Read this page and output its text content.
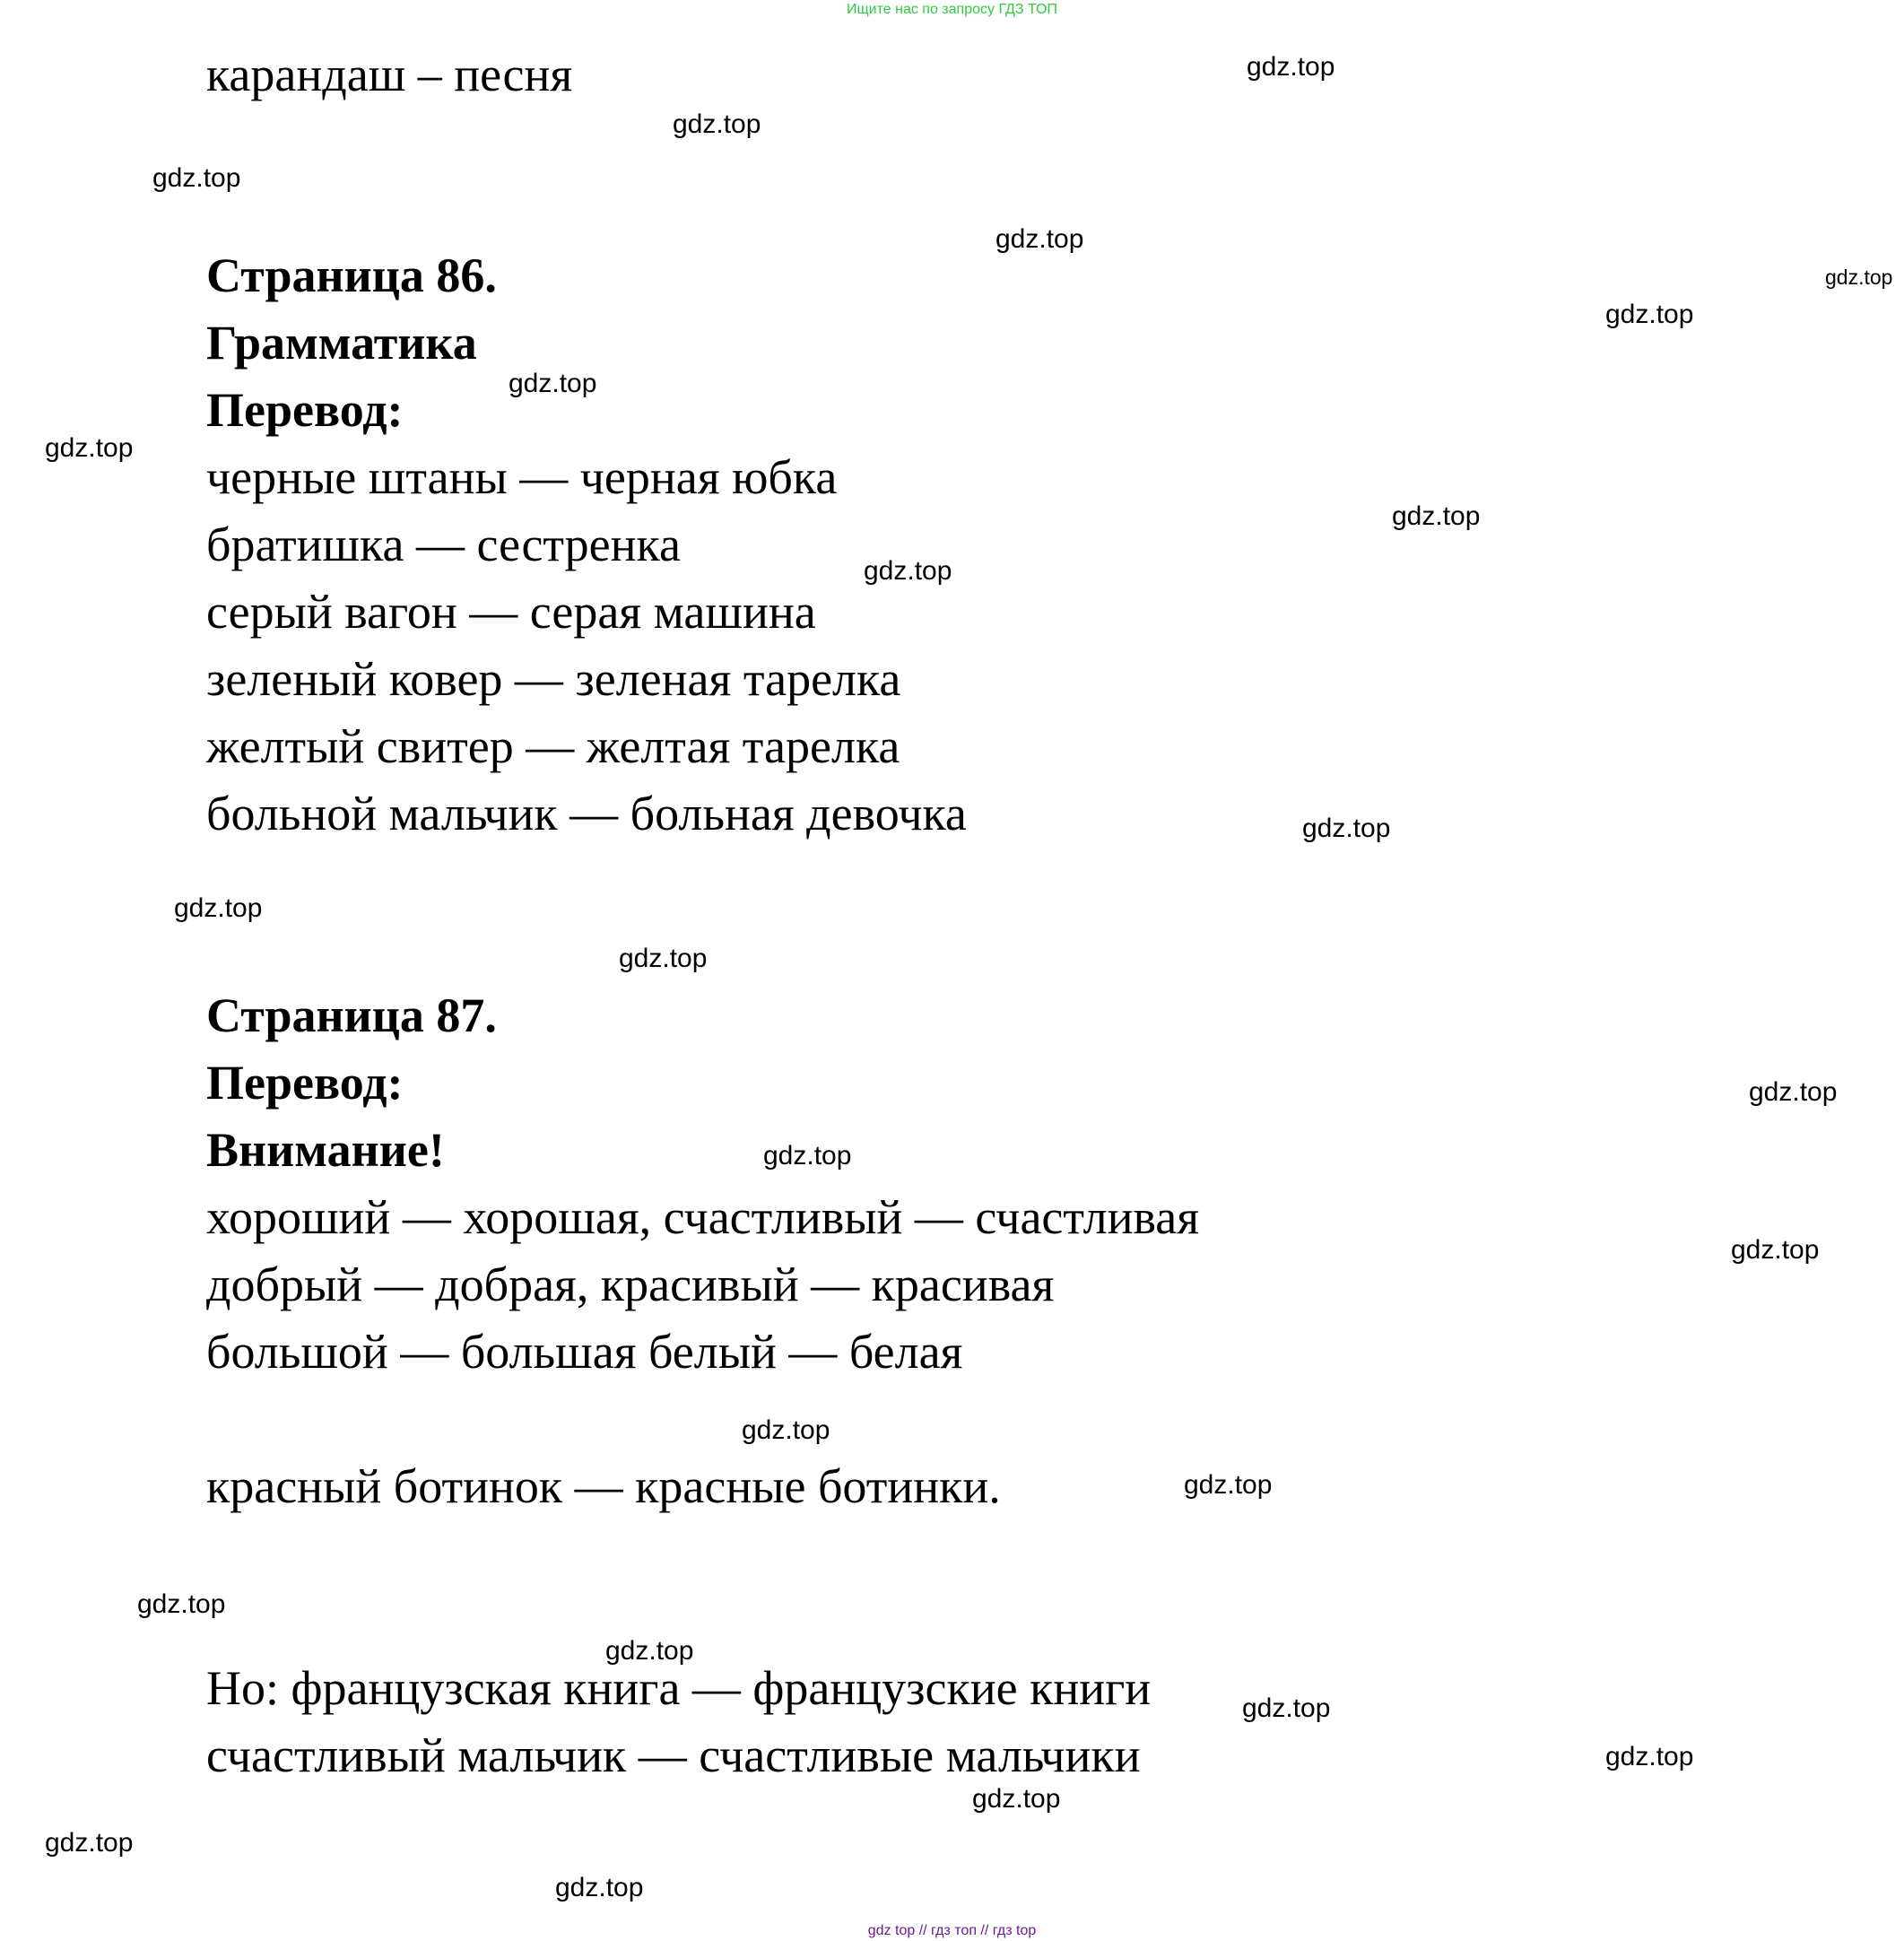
Ищите нас по запросу ГДЗ ТОП
карандаш – песня
Страница 86.
Грамматика
Перевод:
черные штаны — черная юбка
братишка — сестренка
серый вагон — серая машина
зеленый ковер — зеленая тарелка
желтый свитер — желтая тарелка
больной мальчик — больная девочка
Страница 87.
Перевод:
Внимание!
хороший — хорошая, счастливый — счастливая
добрый — добрая, красивый — красивая
большой — большая белый — белая
красный ботинок — красные ботинки.
Но: французская книга — французские книги
счастливый мальчик — счастливые мальчики
gdz.top
gdz.top
gdz.top
gdz.top
gdz.top
gdz.top
gdz.top
gdz.top
gdz.top
gdz.top
gdz.top
gdz.top
gdz.top
gdz.top
gdz.top
gdz.top
gdz.top
gdz.top
gdz.top
gdz.top
gdz.top
gdz.top
gdz.top
gdz.top
gdz.top
gdz top // гдз топ // гдз top
